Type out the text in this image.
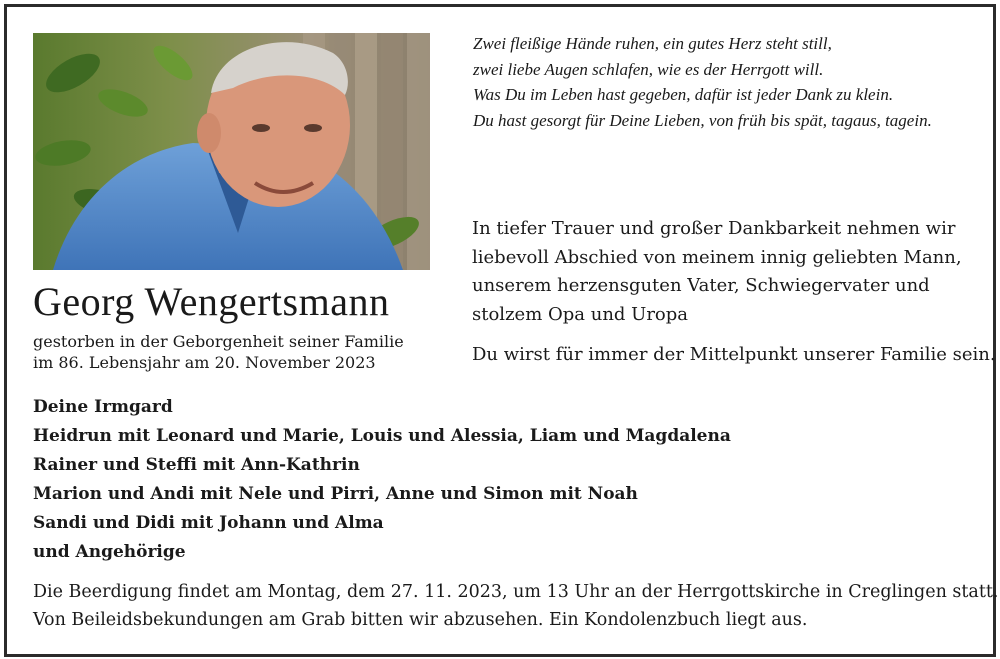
Georg Wengertsmann
gestorben in der Geborgenheit seiner Familie
im 86. Lebensjahr am 20. November 2023
Zwei fleißige Hände ruhen, ein gutes Herz steht still,
zwei liebe Augen schlafen, wie es der Herrgott will.
Was Du im Leben hast gegeben, dafür ist jeder Dank zu klein.
Du hast gesorgt für Deine Lieben, von früh bis spät, tagaus, tagein.
In tiefer Trauer und großer Dankbarkeit nehmen wir
liebevoll Abschied von meinem innig geliebten Mann,
unserem herzensguten Vater, Schwiegervater und
stolzem Opa und Uropa
Du wirst für immer der Mittelpunkt unserer Familie sein.
Deine Irmgard
Heidrun mit Leonard und Marie, Louis und Alessia, Liam und Magdalena
Rainer und Steffi mit Ann-Kathrin
Marion und Andi mit Nele und Pirri, Anne und Simon mit Noah
Sandi und Didi mit Johann und Alma
und Angehörige
Die Beerdigung findet am Montag, dem 27. 11. 2023, um 13 Uhr an der Herrgottskirche in Creglingen statt.
Von Beileidsbekundungen am Grab bitten wir abzusehen. Ein Kondolenzbuch liegt aus.
